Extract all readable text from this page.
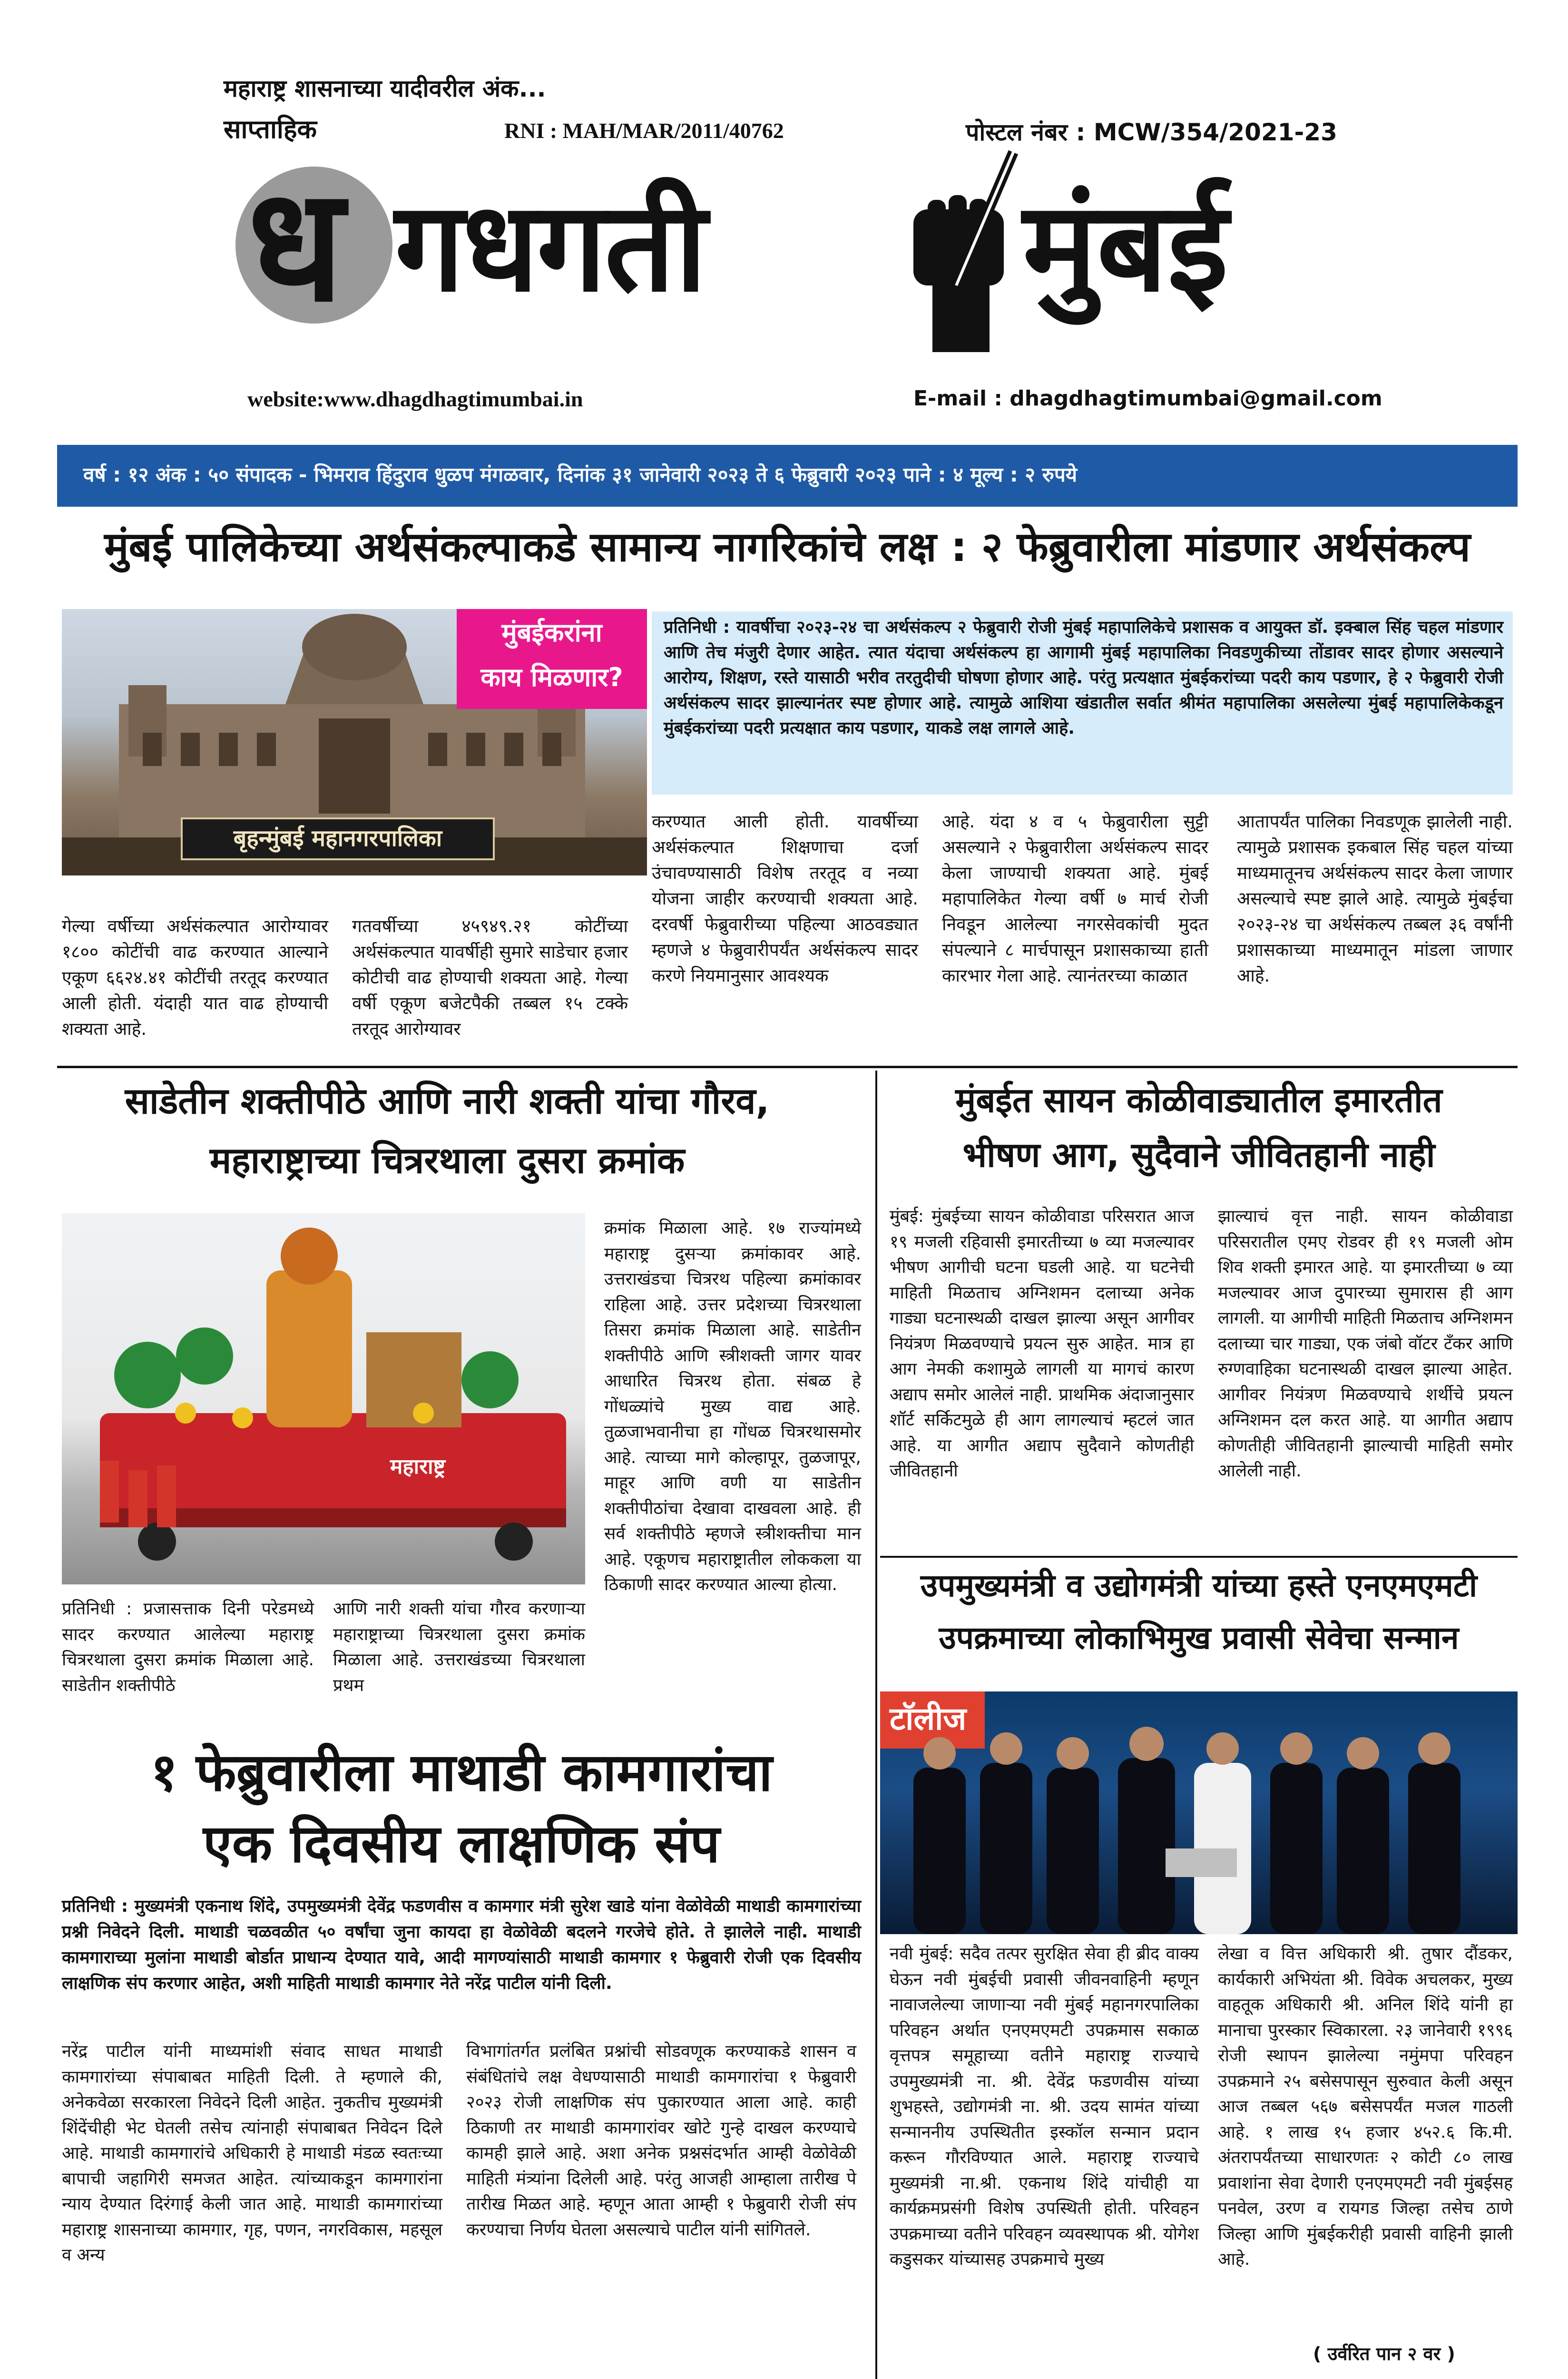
महाराष्ट्र शासनाच्या यादीवरील अंक...
साप्ताहिक	RNI : MAH/MAR/2011/40762	पोस्टल नंबर : MCW/354/2021-23
ध गधगती	मुंबई
website:www.dhagdhagtimumbai.in	E-mail : dhagdhagtimumbai@gmail.com
वर्ष : १२ अंक : ५० संपादक - भिमराव हिंदुराव धुळप मंगळवार, दिनांक ३१ जानेवारी २०२३ ते ६ फेब्रुवारी २०२३ पाने : ४ मूल्य : २ रुपये
मुंबई पालिकेच्या अर्थसंकल्पाकडे सामान्य नागरिकांचे लक्ष : २ फेब्रुवारीला मांडणार अर्थसंकल्प
बृहन्मुंबई महानगरपालिका
मुंबईकरांना
काय मिळणार?
प्रतिनिधी : यावर्षीचा २०२३-२४ चा अर्थसंकल्प २ फेब्रुवारी रोजी मुंबई महापालिकेचे प्रशासक व आयुक्त डॉ. इक्बाल सिंह चहल मांडणार आणि तेच मंजुरी देणार आहेत. त्यात यंदाचा अर्थसंकल्प हा आगामी मुंबई महापालिका निवडणुकीच्या तोंडावर सादर होणार असल्याने आरोग्य, शिक्षण, रस्ते यासाठी भरीव तरतुदीची घोषणा होणार आहे. परंतु प्रत्यक्षात मुंबईकरांच्या पदरी काय पडणार, हे २ फेब्रुवारी रोजी अर्थसंकल्प सादर झाल्यानंतर स्पष्ट होणार आहे. त्यामुळे आशिया खंडातील सर्वात श्रीमंत महापालिका असलेल्या मुंबई महापालिकेकडून मुंबईकरांच्या पदरी प्रत्यक्षात काय पडणार, याकडे लक्ष लागले आहे.
गेल्या वर्षीच्या अर्थसंकल्पात आरोग्यावर १८०० कोटींची वाढ करण्यात आल्याने एकूण ६६२४.४१ कोटींची तरतूद करण्यात आली होती. यंदाही यात वाढ होण्याची शक्यता आहे.
गतवर्षीच्या ४५९४९.२१ कोटींच्या अर्थसंकल्पात यावर्षीही सुमारे साडेचार हजार कोटीची वाढ होण्याची शक्यता आहे. गेल्या वर्षी एकूण बजेटपैकी तब्बल १५ टक्के तरतूद आरोग्यावर
करण्यात आली होती. यावर्षीच्या अर्थसंकल्पात शिक्षणाचा दर्जा उंचावण्यासाठी विशेष तरतूद व नव्या योजना जाहीर करण्याची शक्यता आहे. दरवर्षी फेब्रुवारीच्या पहिल्या आठवड्यात म्हणजे ४ फेब्रुवारीपर्यंत अर्थसंकल्प सादर करणे नियमानुसार आवश्यक
आहे. यंदा ४ व ५ फेब्रुवारीला सुट्टी असल्याने २ फेब्रुवारीला अर्थसंकल्प सादर केला जाण्याची शक्यता आहे. मुंबई महापालिकेत गेल्या वर्षी ७ मार्च रोजी निवडून आलेल्या नगरसेवकांची मुदत संपल्याने ८ मार्चपासून प्रशासकाच्या हाती कारभार गेला आहे. त्यानंतरच्या काळात
आतापर्यंत पालिका निवडणूक झालेली नाही. त्यामुळे प्रशासक इकबाल सिंह चहल यांच्या माध्यमातूनच अर्थसंकल्प सादर केला जाणार असल्याचे स्पष्ट झाले आहे. त्यामुळे मुंबईचा २०२३-२४ चा अर्थसंकल्प तब्बल ३६ वर्षांनी प्रशासकाच्या माध्यमातून मांडला जाणार आहे.
साडेतीन शक्तीपीठे आणि नारी शक्ती यांचा गौरव,
महाराष्ट्राच्या चित्ररथाला दुसरा क्रमांक
महाराष्ट्र
क्रमांक मिळाला आहे. १७ राज्यांमध्ये महाराष्ट्र दुसऱ्या क्रमांकावर आहे. उत्तराखंडचा चित्ररथ पहिल्या क्रमांकावर राहिला आहे. उत्तर प्रदेशच्या चित्ररथाला तिसरा क्रमांक मिळाला आहे. साडेतीन शक्तीपीठे आणि स्त्रीशक्ती जागर यावर आधारित चित्ररथ होता. संबळ हे गोंधळ्यांचे मुख्य वाद्य आहे. तुळजाभवानीचा हा गोंधळ चित्ररथासमोर आहे. त्याच्या मागे कोल्हापूर, तुळजापूर, माहूर आणि वणी या साडेतीन शक्तीपीठांचा देखावा दाखवला आहे. ही सर्व शक्तीपीठे म्हणजे स्त्रीशक्तीचा मान आहे. एकूणच महाराष्ट्रातील लोककला या ठिकाणी सादर करण्यात आल्या होत्या.
प्रतिनिधी : प्रजासत्ताक दिनी परेडमध्ये सादर करण्यात आलेल्या महाराष्ट्र चित्ररथाला दुसरा क्रमांक मिळाला आहे. साडेतीन शक्तीपीठे
आणि नारी शक्ती यांचा गौरव करणाऱ्या महाराष्ट्राच्या चित्ररथाला दुसरा क्रमांक मिळाला आहे. उत्तराखंडच्या चित्ररथाला प्रथम
मुंबईत सायन कोळीवाड्यातील इमारतीत
भीषण आग, सुदैवाने जीवितहानी नाही
मुंबई: मुंबईच्या सायन कोळीवाडा परिसरात आज १९ मजली रहिवासी इमारतीच्या ७ व्या मजल्यावर भीषण आगीची घटना घडली आहे. या घटनेची माहिती मिळताच अग्निशमन दलाच्या अनेक गाड्या घटनास्थळी दाखल झाल्या असून आगीवर नियंत्रण मिळवण्याचे प्रयत्न सुरु आहेत. मात्र हा आग नेमकी कशामुळे लागली या मागचं कारण अद्याप समोर आलेलं नाही. प्राथमिक अंदाजानुसार शॉर्ट सर्किटमुळे ही आग लागल्याचं म्हटलं जात आहे. या आगीत अद्याप सुदैवाने कोणतीही जीवितहानी
झाल्याचं वृत्त नाही. सायन कोळीवाडा परिसरातील एमए रोडवर ही १९ मजली ओम शिव शक्ती इमारत आहे. या इमारतीच्या ७ व्या मजल्यावर आज दुपारच्या सुमारास ही आग लागली. या आगीची माहिती मिळताच अग्निशमन दलाच्या चार गाड्या, एक जंबो वॉटर टँकर आणि रुग्णवाहिका घटनास्थळी दाखल झाल्या आहेत. आगीवर नियंत्रण मिळवण्याचे शर्थीचे प्रयत्न अग्निशमन दल करत आहे. या आगीत अद्याप कोणतीही जीवितहानी झाल्याची माहिती समोर आलेली नाही.
उपमुख्यमंत्री व उद्योगमंत्री यांच्या हस्ते एनएमएमटी
उपक्रमाच्या लोकाभिमुख प्रवासी सेवेचा सन्मान
टाॅलीज
नवी मुंबई: सदैव तत्पर सुरक्षित सेवा ही ब्रीद वाक्य घेऊन नवी मुंबईची प्रवासी जीवनवाहिनी म्हणून नावाजलेल्या जाणाऱ्या नवी मुंबई महानगरपालिका परिवहन अर्थात एनएमएमटी उपक्रमास सकाळ वृत्तपत्र समूहाच्या वतीने महाराष्ट्र राज्याचे उपमुख्यमंत्री ना. श्री. देवेंद्र फडणवीस यांच्या शुभहस्ते, उद्योगमंत्री ना. श्री. उदय सामंत यांच्या सन्माननीय उपस्थितीत इस्कॉल सन्मान प्रदान करून गौरविण्यात आले. महाराष्ट्र राज्याचे मुख्यमंत्री ना.श्री. एकनाथ शिंदे यांचीही या कार्यक्रमप्रसंगी विशेष उपस्थिती होती. परिवहन उपक्रमाच्या वतीने परिवहन व्यवस्थापक श्री. योगेश कडुसकर यांच्यासह उपक्रमाचे मुख्य
लेखा व वित्त अधिकारी श्री. तुषार दौंडकर, कार्यकारी अभियंता श्री. विवेक अचलकर, मुख्य वाहतूक अधिकारी श्री. अनिल शिंदे यांनी हा मानाचा पुरस्कार स्विकारला. २३ जानेवारी १९९६ रोजी स्थापन झालेल्या नमुंमपा परिवहन उपक्रमाने २५ बसेसपासून सुरुवात केली असून आज तब्बल ५६७ बसेसपर्यंत मजल गाठली आहे. १ लाख १५ हजार ४५२.६ कि.मी. अंतरापर्यंतच्या साधारणतः २ कोटी ८० लाख प्रवाशांना सेवा देणारी एनएमएमटी नवी मुंबईसह पनवेल, उरण व रायगड जिल्हा तसेच ठाणे जिल्हा आणि मुंबईकरीही प्रवासी वाहिनी झाली आहे.
( उर्वरित पान २ वर )
१ फेब्रुवारीला माथाडी कामगारांचा
एक दिवसीय लाक्षणिक संप
प्रतिनिधी : मुख्यमंत्री एकनाथ शिंदे, उपमुख्यमंत्री देवेंद्र फडणवीस व कामगार मंत्री सुरेश खाडे यांना वेळोवेळी माथाडी कामगारांच्या प्रश्नी निवेदने दिली. माथाडी चळवळीत ५० वर्षांचा जुना कायदा हा वेळोवेळी बदलने गरजेचे होते. ते झालेले नाही. माथाडी कामगाराच्या मुलांना माथाडी बोर्डात प्राधान्य देण्यात यावे, आदी मागण्यांसाठी माथाडी कामगार १ फेब्रुवारी रोजी एक दिवसीय लाक्षणिक संप करणार आहेत, अशी माहिती माथाडी कामगार नेते नरेंद्र पाटील यांनी दिली.
नरेंद्र पाटील यांनी माध्यमांशी संवाद साधत माथाडी कामगारांच्या संपाबाबत माहिती दिली. ते म्हणाले की, अनेकवेळा सरकारला निवेदने दिली आहेत. नुकतीच मुख्यमंत्री शिंदेंचीही भेट घेतली तसेच त्यांनाही संपाबाबत निवेदन दिले आहे. माथाडी कामगारांचे अधिकारी हे माथाडी मंडळ स्वतःच्या बापाची जहागिरी समजत आहेत. त्यांच्याकडून कामगारांना न्याय देण्यात दिरंगाई केली जात आहे. माथाडी कामगारांच्या महाराष्ट्र शासनाच्या कामगार, गृह, पणन, नगरविकास, महसूल व अन्य
विभागांतर्गत प्रलंबित प्रश्नांची सोडवणूक करण्याकडे शासन व संबंधितांचे लक्ष वेधण्यासाठी माथाडी कामगारांचा १ फेब्रुवारी २०२३ रोजी लाक्षणिक संप पुकारण्यात आला आहे. काही ठिकाणी तर माथाडी कामगारांवर खोटे गुन्हे दाखल करण्याचे कामही झाले आहे. अशा अनेक प्रश्नसंदर्भात आम्ही वेळोवेळी माहिती मंत्र्यांना दिलेली आहे. परंतु आजही आम्हाला तारीख पे तारीख मिळत आहे. म्हणून आता आम्ही १ फेब्रुवारी रोजी संप करण्याचा निर्णय घेतला असल्याचे पाटील यांनी सांगितले.
